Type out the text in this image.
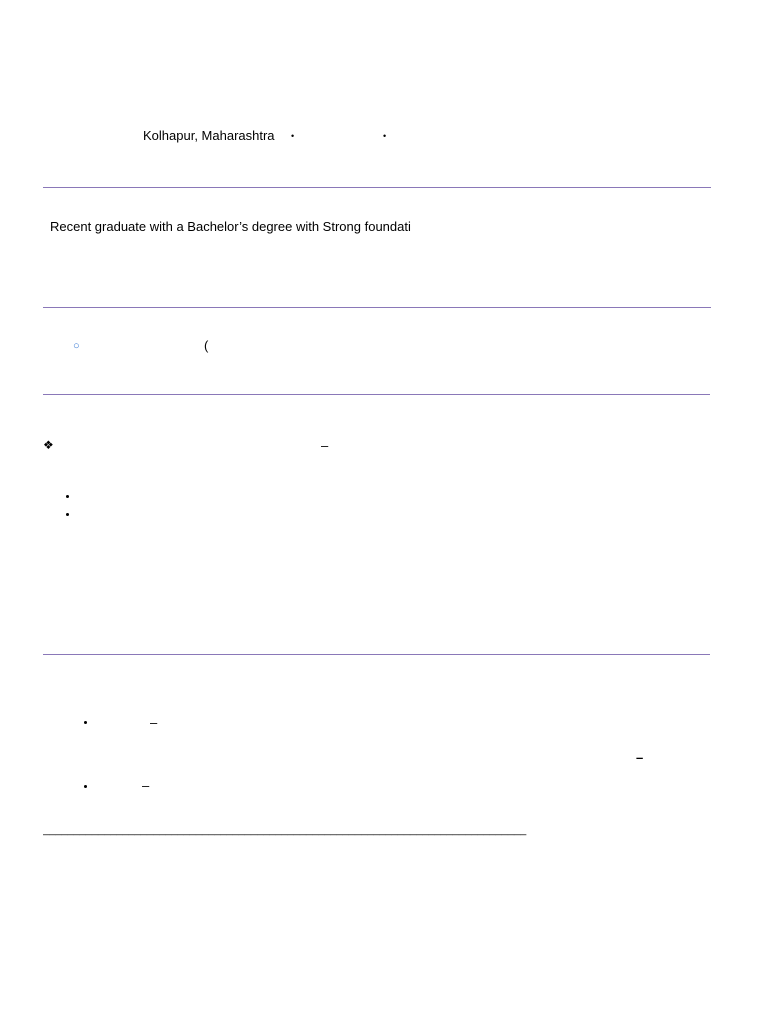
Kolhapur, Maharashtra •	•
Recent graduate with a Bachelor’s degree with Strong foundati
○	(
❖	–
–
–
–
_______________________________________________________________________________
